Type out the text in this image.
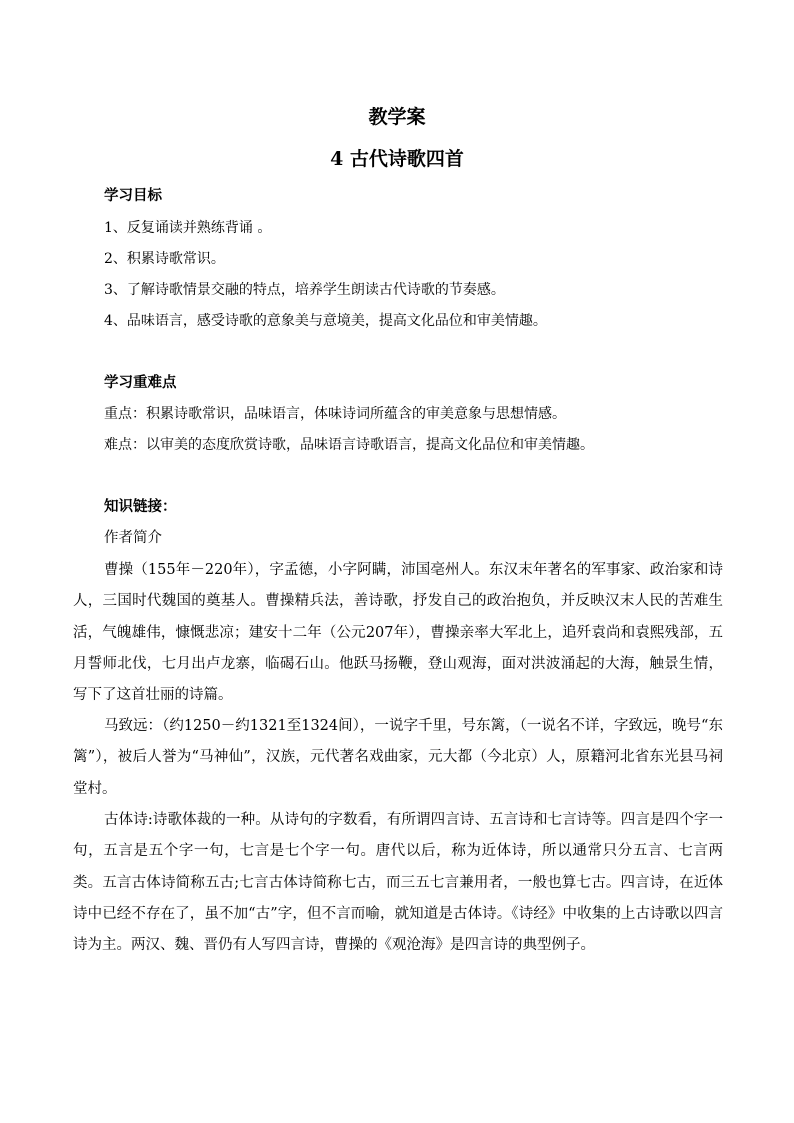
教学案
4 古代诗歌四首
学习目标
1、反复诵读并熟练背诵 。
2、积累诗歌常识。
3、了解诗歌情景交融的特点，培养学生朗读古代诗歌的节奏感。
4、品味语言，感受诗歌的意象美与意境美，提高文化品位和审美情趣。
学习重难点
重点：积累诗歌常识，品味语言，体味诗词所蕴含的审美意象与思想情感。
难点：以审美的态度欣赏诗歌，品味语言诗歌语言，提高文化品位和审美情趣。
知识链接：
作者简介
曹操（155年－220年），字孟德，小字阿瞒，沛国亳州人。东汉末年著名的军事家、政治家和诗人，三国时代魏国的奠基人。曹操精兵法，善诗歌，抒发自己的政治抱负，并反映汉末人民的苦难生活，气魄雄伟，慷慨悲凉；建安十二年（公元207年），曹操亲率大军北上，追歼袁尚和袁熙残部，五月誓师北伐，七月出卢龙寨，临碣石山。他跃马扬鞭，登山观海，面对洪波涌起的大海，触景生情，写下了这首壮丽的诗篇。
马致远：（约1250－约1321至1324间），一说字千里，号东篱，（一说名不详，字致远，晚号“东篱”），被后人誉为“马神仙”，汉族，元代著名戏曲家，元大都（今北京）人，原籍河北省东光县马祠堂村。
古体诗:诗歌体裁的一种。从诗句的字数看，有所谓四言诗、五言诗和七言诗等。四言是四个字一句，五言是五个字一句，七言是七个字一句。唐代以后，称为近体诗，所以通常只分五言、七言两类。五言古体诗简称五古;七言古体诗简称七古，而三五七言兼用者，一般也算七古。四言诗，在近体诗中已经不存在了，虽不加“古”字，但不言而喻，就知道是古体诗。《诗经》中收集的上古诗歌以四言诗为主。两汉、魏、晋仍有人写四言诗，曹操的《观沧海》是四言诗的典型例子。
